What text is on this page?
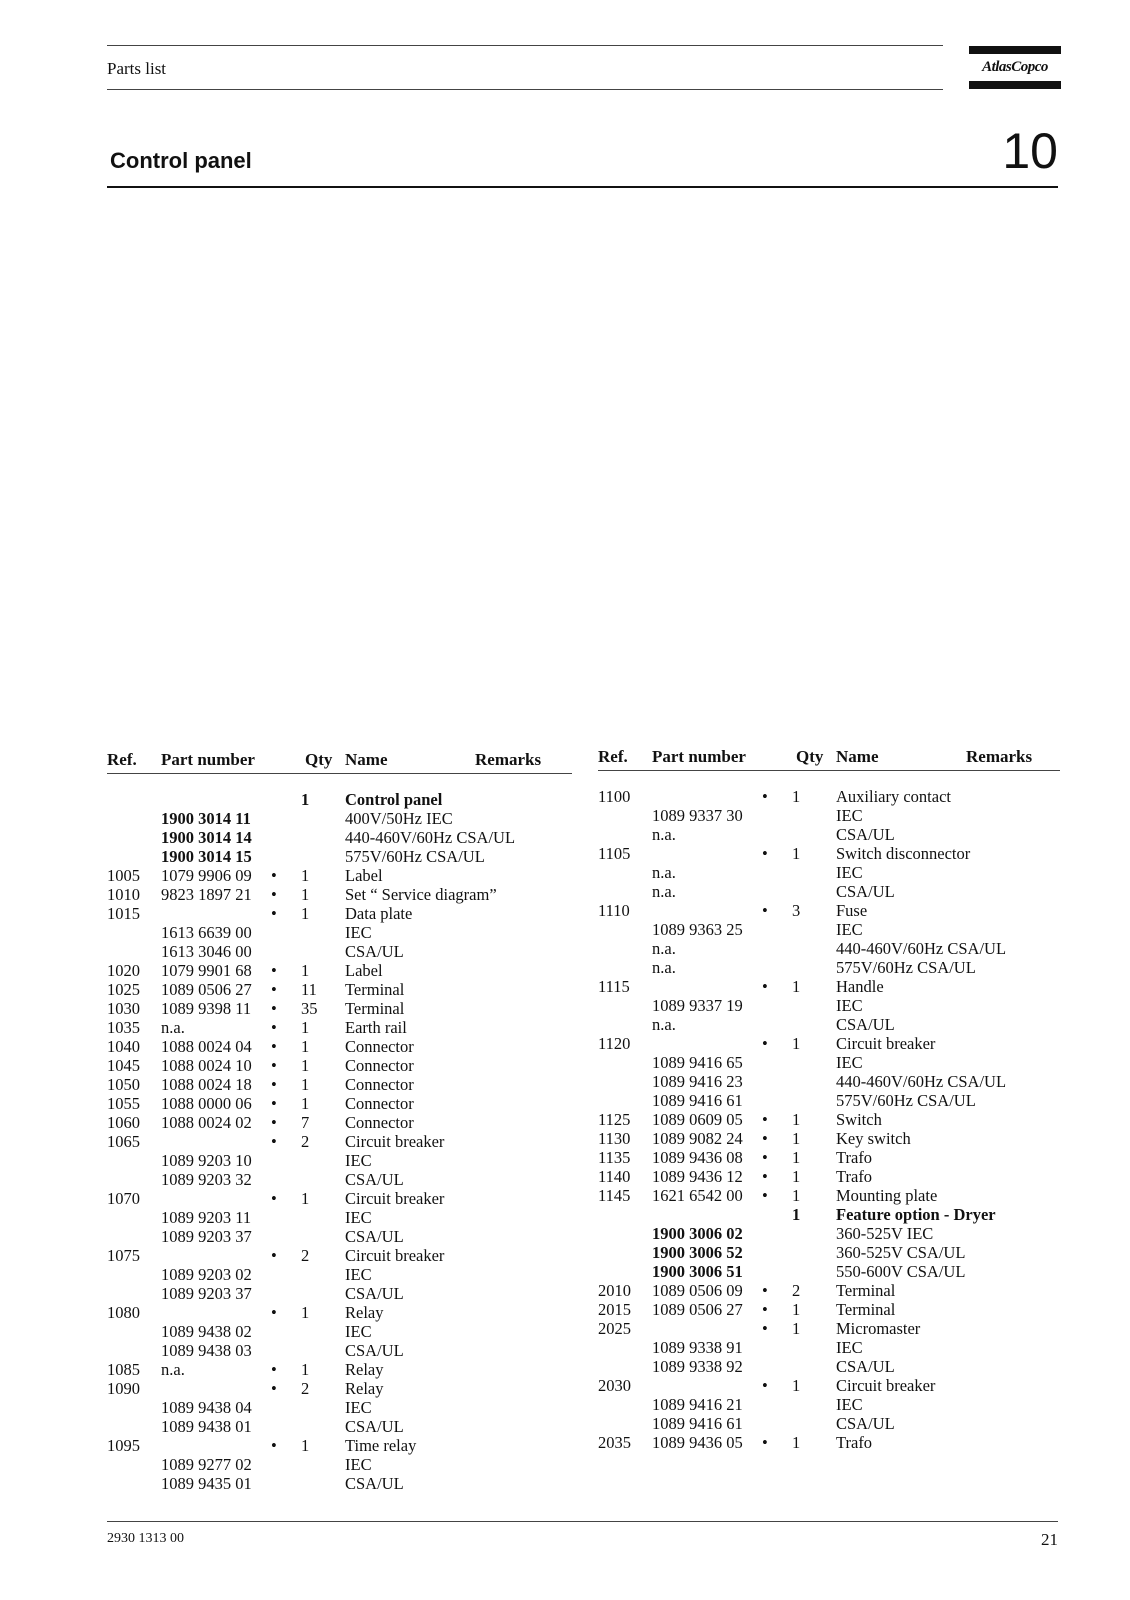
Parts list	AtlasCopco
Control panel	10
Ref. Part number	Qty Name	Remarks
1 Control panel
1900 3014 11	400V/50Hz IEC
1900 3014 14	440-460V/60Hz CSA/UL
1900 3014 15	575V/60Hz CSA/UL
1005 1079 9906 09 • 1 Label
1010 9823 1897 21 • 1 Set “ Service diagram”
1015	• 1 Data plate
1613 6639 00	IEC
1613 3046 00	CSA/UL
1020 1079 9901 68 • 1 Label
1025 1089 0506 27 • 11 Terminal
1030 1089 9398 11 • 35 Terminal
1035 n.a.	• 1 Earth rail
1040 1088 0024 04 • 1 Connector
1045 1088 0024 10 • 1 Connector
1050 1088 0024 18 • 1 Connector
1055 1088 0000 06 • 1 Connector
1060 1088 0024 02 • 7 Connector
1065	• 2 Circuit breaker
1089 9203 10	IEC
1089 9203 32	CSA/UL
1070	• 1 Circuit breaker
1089 9203 11	IEC
1089 9203 37	CSA/UL
1075	• 2 Circuit breaker
1089 9203 02	IEC
1089 9203 37	CSA/UL
1080	• 1 Relay
1089 9438 02	IEC
1089 9438 03	CSA/UL
1085 n.a.	• 1 Relay
1090	• 2 Relay
1089 9438 04	IEC
1089 9438 01	CSA/UL
1095	• 1 Time relay
1089 9277 02	IEC
1089 9435 01	CSA/UL
Ref. Part number	Qty Name	Remarks
1100	• 1 Auxiliary contact
1089 9337 30	IEC
n.a.	CSA/UL
1105	• 1 Switch disconnector
n.a.	IEC
n.a.	CSA/UL
1110	• 3 Fuse
1089 9363 25	IEC
n.a.	440-460V/60Hz CSA/UL
n.a.	575V/60Hz CSA/UL
1115	• 1 Handle
1089 9337 19	IEC
n.a.	CSA/UL
1120	• 1 Circuit breaker
1089 9416 65	IEC
1089 9416 23	440-460V/60Hz CSA/UL
1089 9416 61	575V/60Hz CSA/UL
1125 1089 0609 05 • 1 Switch
1130 1089 9082 24 • 1 Key switch
1135 1089 9436 08 • 1 Trafo
1140 1089 9436 12 • 1 Trafo
1145 1621 6542 00 • 1 Mounting plate
1 Feature option - Dryer
1900 3006 02	360-525V IEC
1900 3006 52	360-525V CSA/UL
1900 3006 51	550-600V CSA/UL
2010 1089 0506 09 • 2 Terminal
2015 1089 0506 27 • 1 Terminal
2025	• 1 Micromaster
1089 9338 91	IEC
1089 9338 92	CSA/UL
2030	• 1 Circuit breaker
1089 9416 21	IEC
1089 9416 61	CSA/UL
2035 1089 9436 05 • 1 Trafo
2930 1313 00	21
